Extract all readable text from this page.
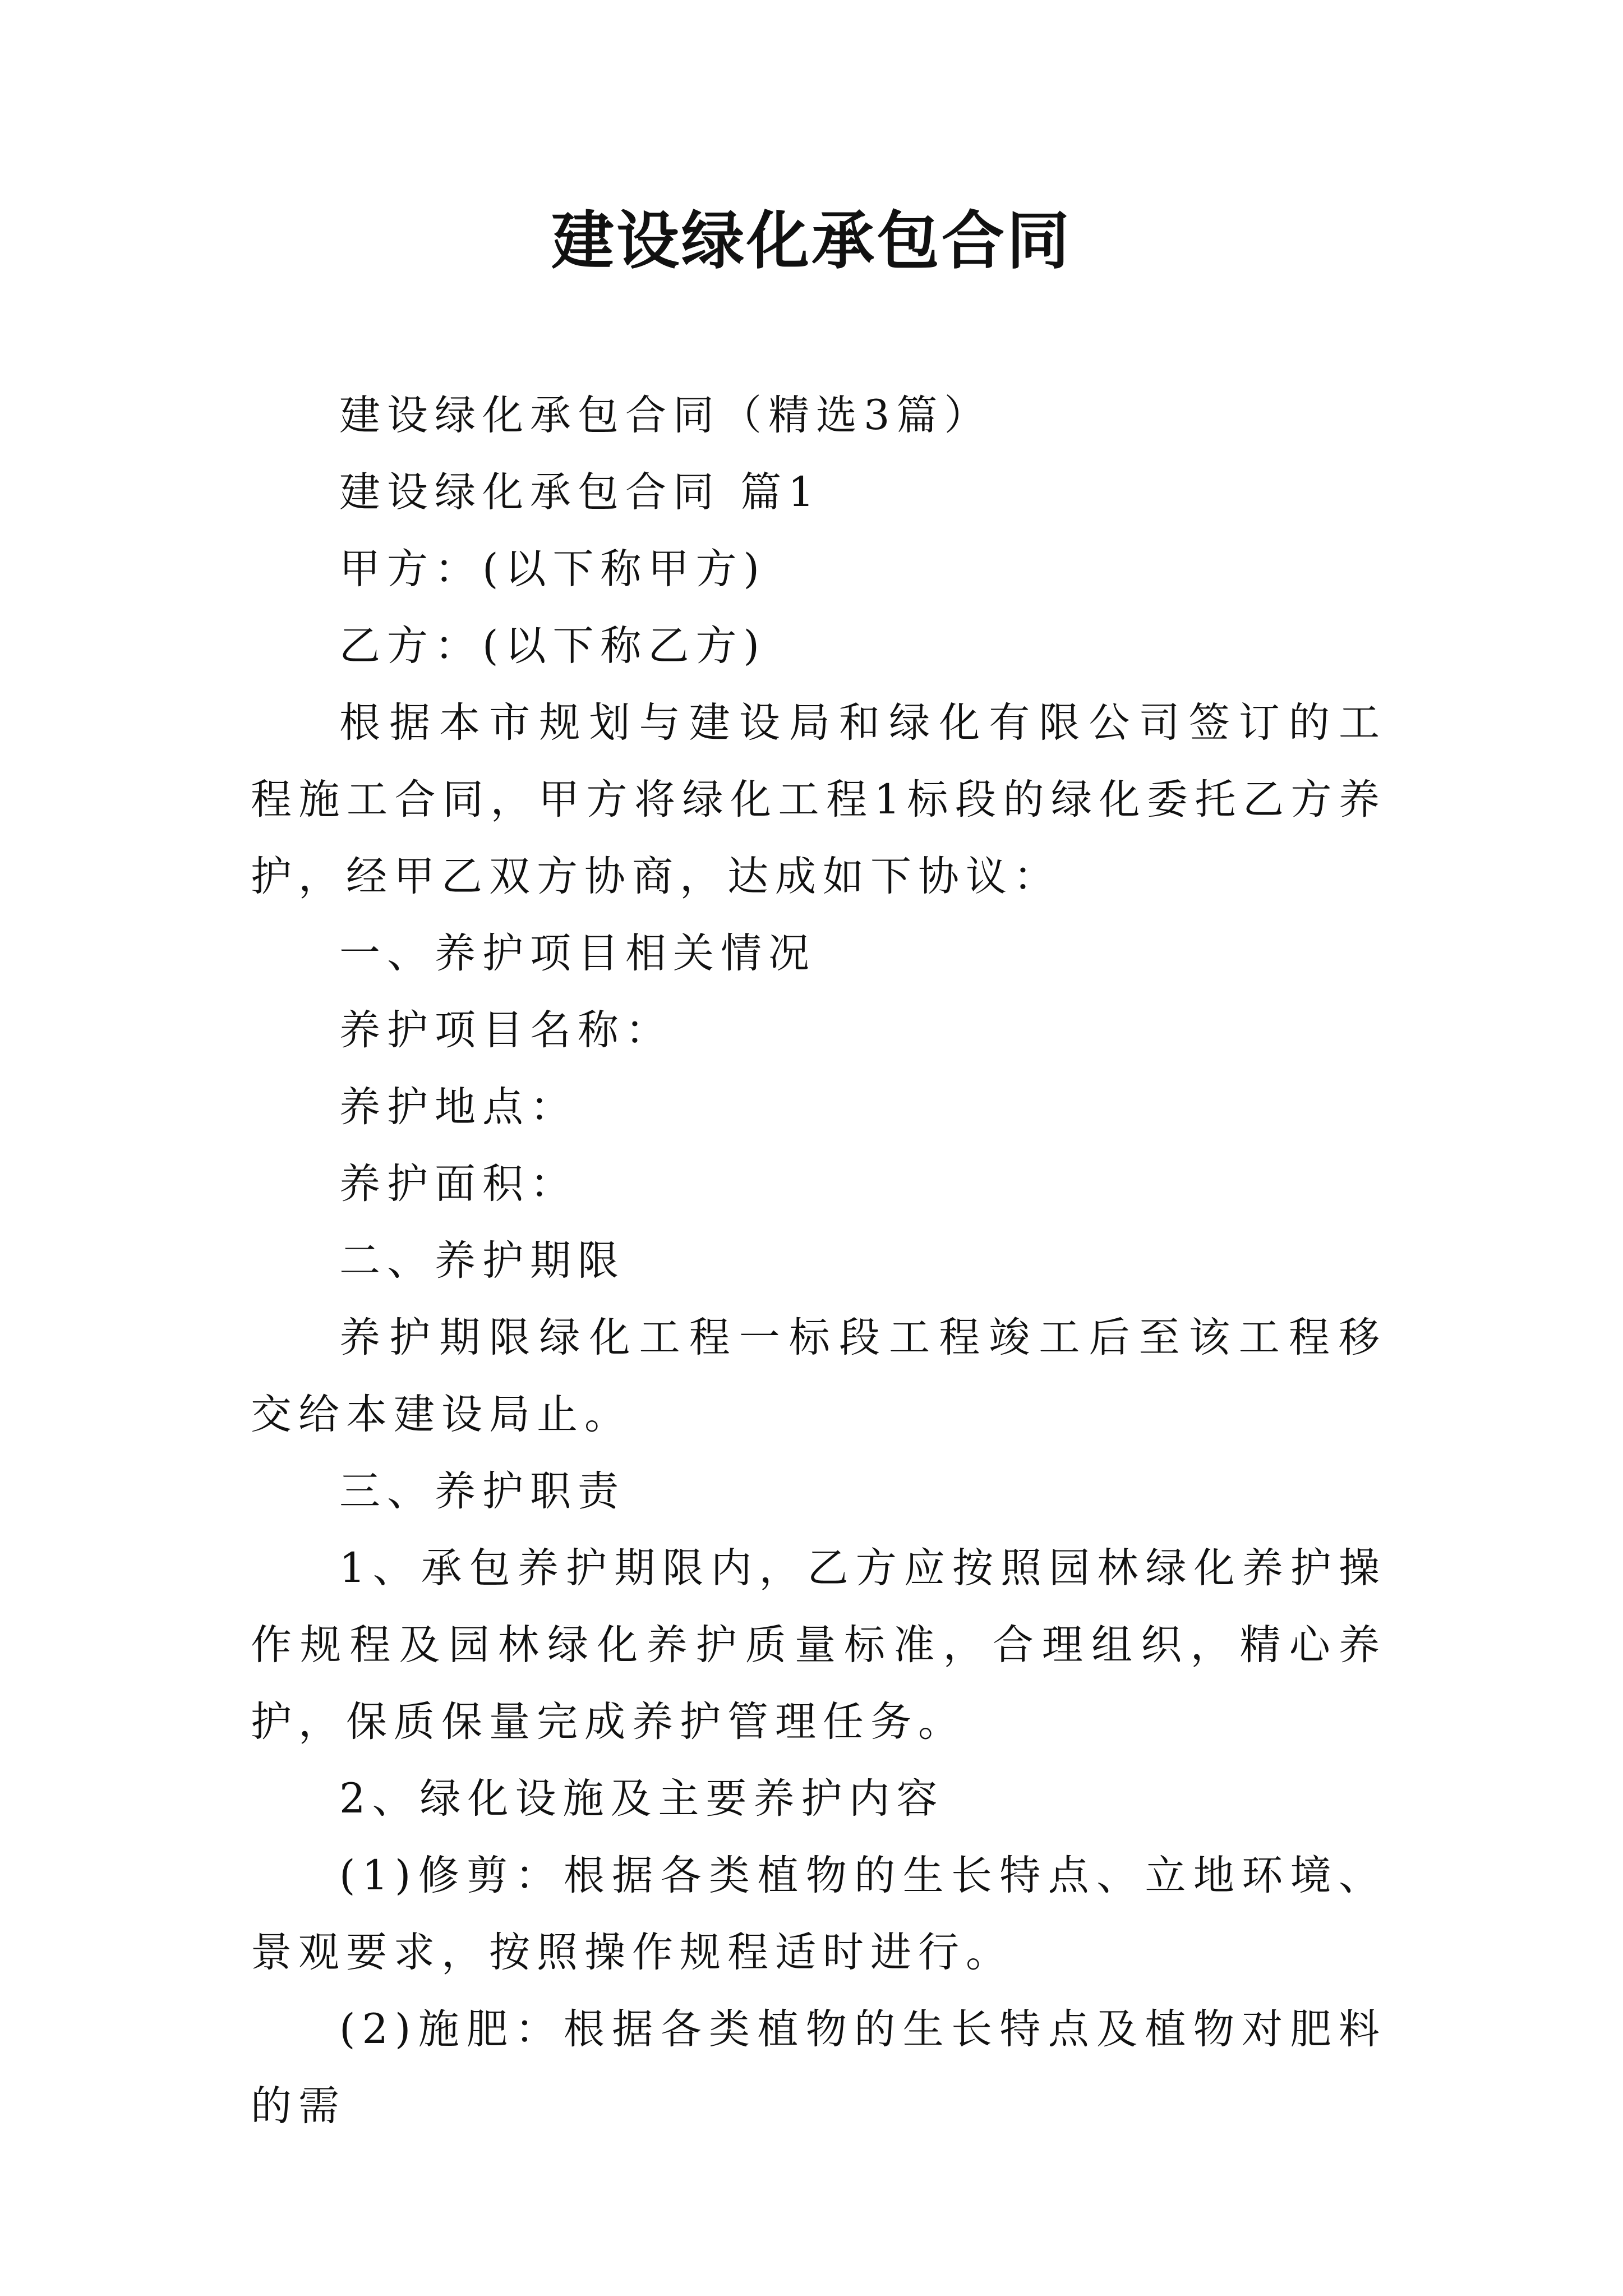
建设绿化承包合同

建设绿化承包合同（精选3篇）

建设绿化承包合同 篇1

甲方：(以下称甲方)

乙方：(以下称乙方)

根据本市规划与建设局和绿化有限公司签订的工程施工合同，甲方将绿化工程1标段的绿化委托乙方养护，经甲乙双方协商，达成如下协议：

一、养护项目相关情况

养护项目名称：

养护地点：

养护面积：

二、养护期限

养护期限绿化工程一标段工程竣工后至该工程移交给本建设局止。

三、养护职责

1、承包养护期限内，乙方应按照园林绿化养护操作规程及园林绿化养护质量标准，合理组织，精心养护，保质保量完成养护管理任务。

2、绿化设施及主要养护内容

(1)修剪：根据各类植物的生长特点、立地环境、景观要求，按照操作规程适时进行。

(2)施肥：根据各类植物的生长特点及植物对肥料的需
